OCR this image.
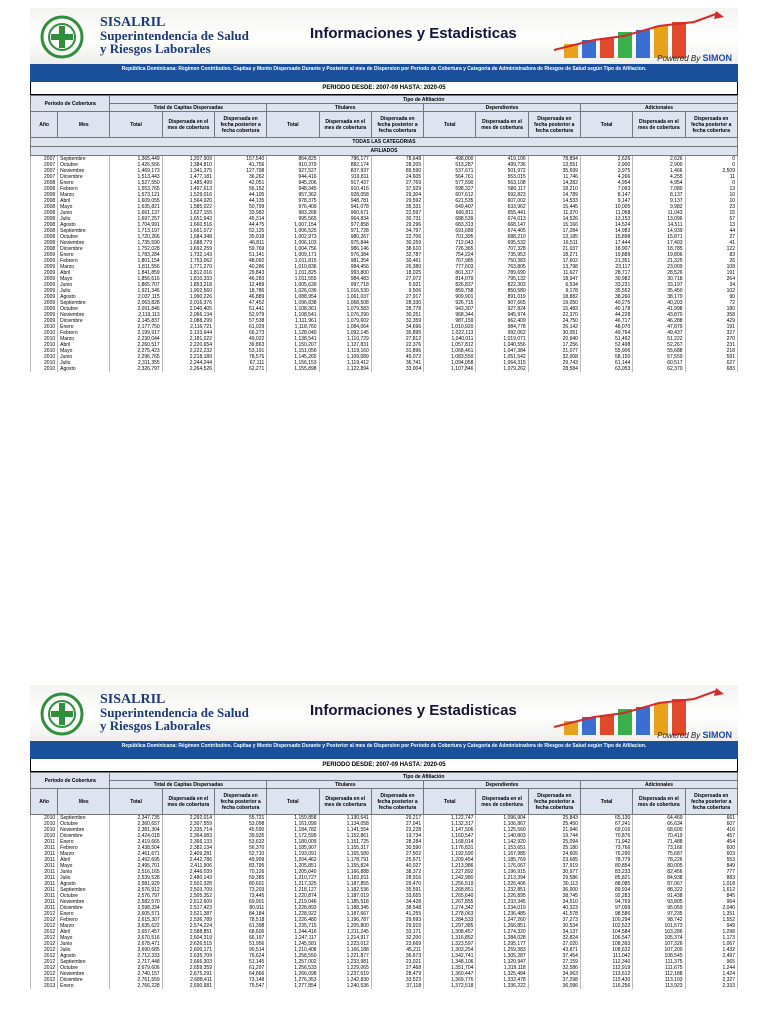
SISALRIL
Superintendencia de Salud
y Riesgos Laborales
Informaciones y Estadisticas
Powered By SIMON
República Dominicana: Régimen Contributivo. Capitas y Monto Dispersado Durante y Posterior al mes de Dispersion por Periodo de Cobertura y Categoria de Administradora de Riesgos de Salud según Tipo de Afiliacion.
PERIODO DESDE: 2007-09 HASTA: 2020-05
Periodo de Cobertura		Tipo de Afiliación											
		Total de Capitas Dispersadas			Titulares			Dependientes			Adicionales		
Año	Mes	Total	Dispersada en el mes de cobertura	Dispersada en fecha posterior a fecha cobertura	Total	Dispersada en el mes de cobertura	Dispersada en fecha posterior a fecha cobertura	Total	Dispersada en el mes de cobertura	Dispersada en fecha posterior a fecha cobertura	Total	Dispersada en el mes de cobertura	Dispersada en fecha posterior a fecha cobertura
TODAS LAS CATEGORIAS													
AFILIADOS													
2007	Septiembre	1,365,449	1,207,909	157,540	864,825	786,177	78,648	498,000	419,106	78,894	2,626	2,626	0
2007	Octubre	1,426,566	1,384,810	41,756	910,379	882,174	28,205	513,287	499,736	13,551	2,900	2,900	0
2007	Noviembre	1,469,173	1,341,375	127,798	927,527	837,937	89,590	537,671	501,972	35,699	3,975	1,466	2,509
2007	Diciembre	1,513,443	1,477,181	36,262	944,416	919,811	24,605	564,761	553,015	11,746	4,266	4,255	11
2008	Enero	1,527,550	1,485,499	42,051	945,206	917,437	27,769	577,590	563,108	14,282	4,954	4,954	0
2008	Febrero	1,553,765	1,497,613	56,152	948,345	910,416	37,929	598,327	580,117	18,210	7,093	7,080	13
2008	Marzo	1,573,121	1,529,016	44,105	957,362	928,058	29,304	607,612	592,823	14,789	8,147	8,137	10
2008	Abril	1,609,055	1,564,920	44,135	978,375	948,781	29,592	621,535	607,002	14,533	9,147	9,137	10
2008	Mayo	1,635,821	1,585,022	50,799	976,409	941,078	35,331	649,407	633,962	15,445	10,005	9,982	23
2008	Junio	1,661,137	1,627,155	33,982	983,268	960,671	22,597	666,811	655,441	11,370	11,058	11,043	15
2008	Julio	1,697,257	1,651,943	45,314	995,565	964,834	30,731	688,539	674,013	14,526	13,153	13,096	57
2008	Agosto	1,704,991	1,660,516	44,475	1,007,154	977,858	29,296	683,313	668,147	15,166	14,524	14,511	13
2008	Septiembre	1,713,197	1,661,072	52,125	1,006,525	971,728	34,797	691,689	674,405	17,284	14,983	14,939	44
2008	Octubre	1,720,266	1,684,348	35,918	1,002,973	980,267	22,706	701,395	688,210	13,185	15,898	15,871	27
2008	Noviembre	1,735,590	1,688,779	46,811	1,006,103	975,844	30,259	712,043	695,532	16,511	17,444	17,403	41
2008	Diciembre	1,752,028	1,692,259	59,769	1,004,756	986,146	38,610	726,365	707,328	21,037	18,907	18,785	122
2009	Enero	1,783,284	1,732,143	51,141	1,009,171	976,384	32,787	754,224	735,953	18,271	19,889	19,806	83
2009	Febrero	1,801,154	1,753,062	48,092	1,011,815	981,354	30,461	767,985	750,383	17,602	21,351	21,325	26
2009	Marzo	1,811,556	1,771,270	40,286	1,010,836	984,456	26,380	777,603	763,805	13,798	23,117	23,009	108
2009	Abril	1,841,859	1,812,016	29,843	1,011,825	993,800	18,025	801,317	789,690	11,627	28,717	28,526	191
2009	Mayo	1,856,616	1,810,333	46,283	1,011,555	984,483	27,072	814,079	795,132	18,947	30,982	30,718	264
2009	Junio	1,865,707	1,853,218	12,489	1,005,639	997,718	5,921	826,837	822,303	6,534	33,231	33,197	34
2009	Julio	1,921,346	1,902,560	18,786	1,026,036	1,016,530	9,506	859,758	850,580	9,178	35,552	35,450	102
2009	Agosto	2,037,115	1,990,226	46,889	1,088,954	1,061,037	27,917	909,901	891,019	18,882	38,260	38,170	90
2009	Septiembre	2,063,828	2,016,376	47,452	1,096,838	1,068,508	28,330	926,715	907,665	19,050	40,275	40,203	72
2009	Octubre	2,091,846	2,040,405	51,441	1,108,361	1,079,583	28,778	943,307	927,824	15,483	40,178	41,998	180
2009	Noviembre	2,119,113	2,066,134	52,979	1,108,541	1,076,290	30,251	968,344	945,974	22,370	44,228	43,870	358
2009	Diciembre	2,145,837	2,088,299	57,538	1,111,961	1,079,602	32,359	987,159	962,409	24,750	46,717	46,288	429
2010	Enero	2,177,750	2,116,721	61,029	1,118,760	1,084,064	34,696	1,010,920	984,778	26,142	48,070	47,879	191
2010	Febrero	2,199,917	2,133,644	66,273	1,128,040	1,092,145	35,895	1,022,113	992,062	30,051	49,764	49,437	327
2010	Marzo	2,230,044	2,181,022	49,022	1,138,541	1,110,729	27,812	1,040,011	1,019,071	20,940	51,492	51,222	270
2010	Abril	2,260,517	2,220,654	39,863	1,150,207	1,127,831	22,376	1,057,812	1,040,556	17,256	52,498	52,267	231
2010	Mayo	2,275,423	2,222,232	53,191	1,151,056	1,119,160	31,896	1,068,461	1,047,384	21,077	55,906	55,688	218
2010	Junio	2,296,765	2,218,189	78,576	1,145,265	1,109,089	45,072	1,083,550	1,051,542	32,008	58,150	57,559	591
2010	Julio	2,311,355	2,244,244	67,111	1,156,153	1,119,412	36,741	1,094,058	1,064,315	29,743	61,144	60,517	627
2010	Agosto	2,326,797	2,264,526	62,271	1,155,898	1,122,894	33,004	1,107,846	1,079,262	28,584	63,053	62,370	683
SISALRIL
Superintendencia de Salud
y Riesgos Laborales
Informaciones y Estadisticas
Powered By SIMON
República Dominicana: Régimen Contributivo. Capitas y Monto Dispersado Durante y Posterior al mes de Dispersion por Periodo de Cobertura y Categoria de Administradora de Riesgos de Salud según Tipo de Afiliacion.
PERIODO DESDE: 2007-09 HASTA: 2020-05
Periodo de Cobertura		Tipo de Afiliación											
		Total de Capitas Dispersadas			Titulares			Dependientes			Adicionales		
Año	Mes	Total	Dispersada en el mes de cobertura	Dispersada en fecha posterior a fecha cobertura	Total	Dispersada en el mes de cobertura	Dispersada en fecha posterior a fecha cobertura	Total	Dispersada en el mes de cobertura	Dispersada en fecha posterior a fecha cobertura	Total	Dispersada en el mes de cobertura	Dispersada en fecha posterior a fecha cobertura
2010	Septiembre	2,347,735	2,292,014	55,721	1,159,858	1,130,641	29,217	1,122,747	1,096,904	25,843	65,130	64,469	661
2010	Octubre	2,360,657	2,307,559	53,098	1,161,099	1,134,058	27,041	1,132,317	1,106,867	25,450	67,241	66,634	607
2010	Noviembre	2,381,304	2,335,714	45,590	1,184,782	1,141,554	23,228	1,147,506	1,125,560	21,946	69,016	68,600	416
2010	Diciembre	2,424,018	2,364,083	39,935	1,172,595	1,152,861	19,734	1,160,547	1,140,803	19,744	70,876	70,419	457
2011	Enero	2,419,665	2,366,133	53,632	1,180,009	1,151,725	28,284	1,168,014	1,142,920	25,094	71,942	71,488	454
2011	Febrero	2,438,504	2,382,134	56,370	1,185,907	1,155,317	30,590	1,176,831	1,153,651	25,180	73,766	73,166	600
2011	Marzo	2,461,671	2,409,281	52,710	1,193,091	1,165,589	27,502	1,192,590	1,167,985	24,605	76,290	75,687	603
2011	Abril	2,492,695	2,442,786	49,909	1,204,462	1,178,791	25,671	1,209,454	1,185,769	23,685	78,779	78,226	553
2011	Mayo	2,495,701	2,411,906	83,795	1,205,851	1,155,824	40,027	1,213,986	1,176,067	37,919	80,854	80,005	849
2011	Junio	2,516,165	2,446,039	70,126	1,205,040	1,166,888	38,372	1,227,892	1,196,915	30,977	83,233	82,456	777
2011	Julio	2,539,528	2,480,143	59,385	1,210,727	1,181,811	28,916	1,242,980	1,213,394	29,586	85,821	84,938	883
2011	Agosto	2,581,929	2,501,328	80,601	1,217,325	1,187,855	29,470	1,256,519	1,226,406	30,113	88,085	87,067	1,018
2011	Septiembre	2,576,912	2,503,709	73,203	1,218,127	1,182,536	35,591	1,268,851	1,232,851	36,000	89,934	88,322	1,612
2011	Octubre	2,576,797	2,505,352	73,445	1,220,874	1,187,019	33,655	1,265,640	1,226,895	38,745	92,283	91,438	845
2011	Noviembre	2,582,570	2,512,609	69,901	1,219,046	1,185,518	34,428	1,267,855	1,233,345	34,510	94,769	93,805	964
2011	Diciembre	2,598,334	2,517,423	80,911	1,228,893	1,188,345	38,548	1,274,342	1,234,019	40,323	97,099	95,059	2,040
2012	Enero	2,605,571	2,521,387	84,184	1,228,922	1,187,667	41,255	1,278,063	1,236,485	41,578	98,586	97,235	1,351
2012	Febrero	2,615,307	2,536,789	78,518	1,226,480	1,196,787	29,693	1,284,533	1,247,260	37,273	100,294	98,742	1,552
2012	Marzo	2,635,622	2,574,224	61,398	1,235,715	1,205,800	29,915	1,297,385	1,266,851	30,534	102,522	101,573	949
2012	Abril	2,657,457	2,588,851	68,606	1,244,416	1,211,245	33,171	1,308,457	1,274,320	34,137	104,584	103,286	1,298
2012	Mayo	2,670,516	2,604,319	66,197	1,247,117	1,214,917	32,200	1,316,852	1,284,028	32,824	106,547	105,374	1,173
2012	Junio	2,678,471	2,626,515	51,956	1,245,581	1,223,012	23,669	1,323,597	1,295,177	27,020	108,393	107,326	1,067
2012	Julio	2,690,685	2,600,171	90,514	1,210,408	1,166,188	45,211	1,303,254	1,259,383	43,871	108,632	107,200	1,432
2012	Agosto	2,712,333	2,635,709	76,624	1,258,550	1,221,877	36,673	1,342,741	1,305,287	37,454	111,042	108,545	2,497
2012	Septiembre	2,717,448	2,666,303	51,145	1,257,002	1,233,981	23,021	1,348,106	1,320,947	27,159	112,340	111,375	965
2012	Octubre	2,679,606	2,659,359	61,297	1,256,533	1,229,065	27,468	1,351,704	1,319,118	32,586	112,919	111,675	1,244
2012	Noviembre	2,740,157	2,675,291	64,866	1,266,098	1,237,619	28,479	1,360,447	1,325,484	34,963	113,612	112,188	1,424
2012	Diciembre	2,761,559	2,688,411	73,148	1,276,353	1,242,830	33,523	1,369,776	1,332,478	37,298	115,430	113,103	2,327
2013	Enero	2,766,228	2,690,681	75,547	1,277,854	1,240,536	37,118	1,372,518	1,336,222	36,096	116,256	113,923	2,333
